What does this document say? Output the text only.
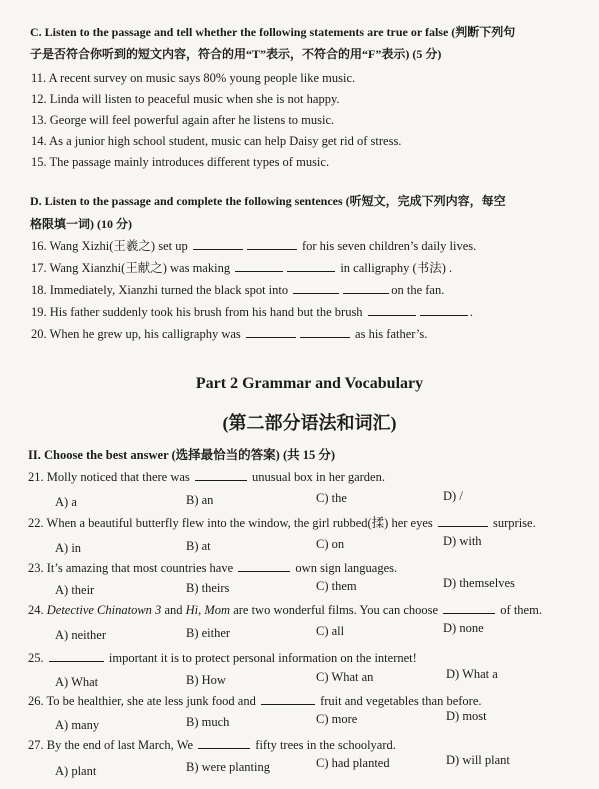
C. Listen to the passage and tell whether the following statements are true or false (判断下列句
子是否符合你听到的短文内容，符合的用“T”表示，不符合的用“F”表示) (5 分)
11. A recent survey on music says 80% young people like music.
12. Linda will listen to peaceful music when she is not happy.
13. George will feel powerful again after he listens to music.
14. As a junior high school student, music can help Daisy get rid of stress.
15. The passage mainly introduces different types of music.
D. Listen to the passage and complete the following sentences (听短文，完成下列内容，每空
格限填一词) (10 分)
16. Wang Xizhi(王羲之) set up	for his seven children’s daily lives.
17. Wang Xianzhi(王献之) was making	in calligraphy (书法) .
18. Immediately, Xianzhi turned the black spot into	on the fan.
19. His father suddenly took his brush from his hand but the brush	.
20. When he grew up, his calligraphy was	as his father’s.
Part 2 Grammar and Vocabulary
(第二部分语法和词汇)
II. Choose the best answer (选择最恰当的答案) (共 15 分)
21. Molly noticed that there was	unusual box in her garden.
A) a	B) an	C) the	D) /
22. When a beautiful butterfly flew into the window, the girl rubbed(揉) her eyes	surprise.
A) in	B) at	C) on	D) with
23. It’s amazing that most countries have	own sign languages.
A) their	B) theirs	C) them	D) themselves
24. Detective Chinatown 3 and Hi, Mom are two wonderful films. You can choose	of them.
A) neither	B) either	C) all	D) none
25.	important it is to protect personal information on the internet!
A) What	B) How	C) What an	D) What a
26. To be healthier, she ate less junk food and	fruit and vegetables than before.
A) many	B) much	C) more	D) most
27. By the end of last March, We	fifty trees in the schoolyard.
A) plant	B) were planting	C) had planted	D) will plant
